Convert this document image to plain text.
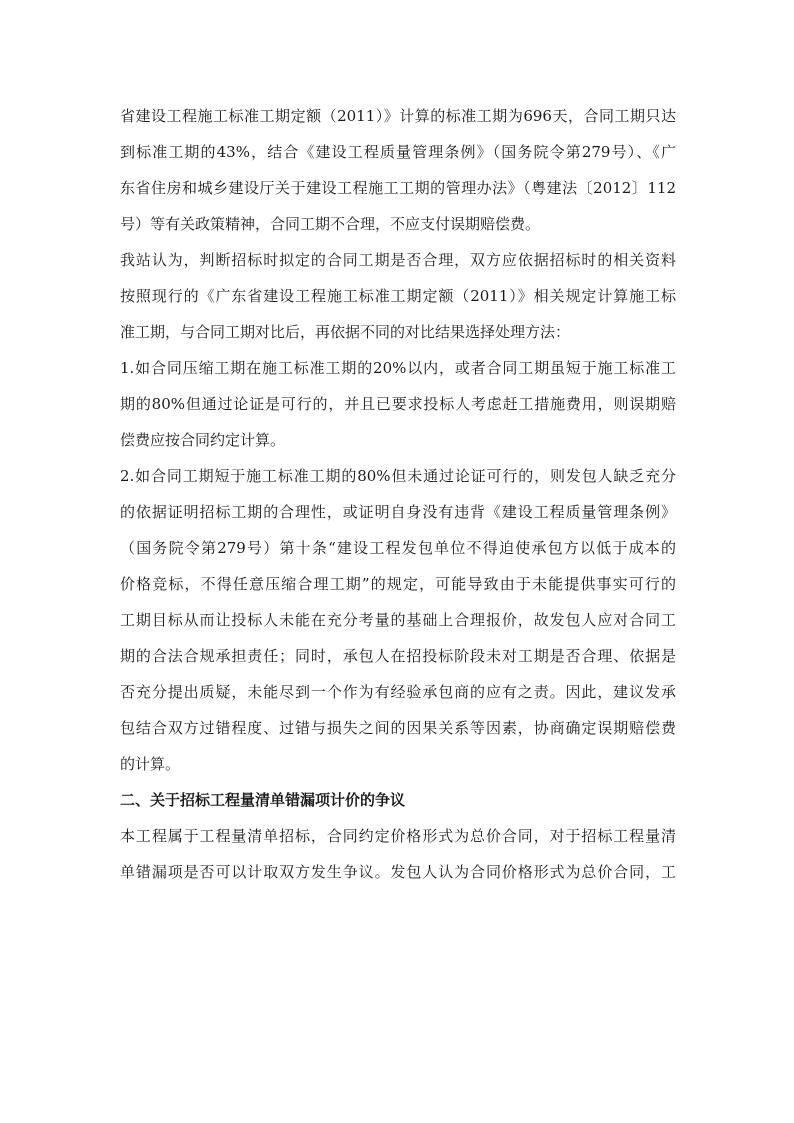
省建设工程施工标准工期定额（2011）》计算的标准工期为696天，合同工期只达
到标准工期的43%，结合《建设工程质量管理条例》（国务院令第279号）、《广
东省住房和城乡建设厅关于建设工程施工工期的管理办法》（粤建法〔2012〕112
号）等有关政策精神，合同工期不合理，不应支付误期赔偿费。
我站认为，判断招标时拟定的合同工期是否合理，双方应依据招标时的相关资料
按照现行的《广东省建设工程施工标准工期定额（2011）》相关规定计算施工标
准工期，与合同工期对比后，再依据不同的对比结果选择处理方法：
1.如合同压缩工期在施工标准工期的20%以内，或者合同工期虽短于施工标准工
期的80%但通过论证是可行的，并且已要求投标人考虑赶工措施费用，则误期赔
偿费应按合同约定计算。
2.如合同工期短于施工标准工期的80%但未通过论证可行的，则发包人缺乏充分
的依据证明招标工期的合理性，或证明自身没有违背《建设工程质量管理条例》
（国务院令第279号）第十条“建设工程发包单位不得迫使承包方以低于成本的
价格竞标，不得任意压缩合理工期”的规定，可能导致由于未能提供事实可行的
工期目标从而让投标人未能在充分考量的基础上合理报价，故发包人应对合同工
期的合法合规承担责任；同时，承包人在招投标阶段未对工期是否合理、依据是
否充分提出质疑，未能尽到一个作为有经验承包商的应有之责。因此，建议发承
包结合双方过错程度、过错与损失之间的因果关系等因素，协商确定误期赔偿费
的计算。
二、关于招标工程量清单错漏项计价的争议
本工程属于工程量清单招标，合同约定价格形式为总价合同，对于招标工程量清
单错漏项是否可以计取双方发生争议。发包人认为合同价格形式为总价合同，工
